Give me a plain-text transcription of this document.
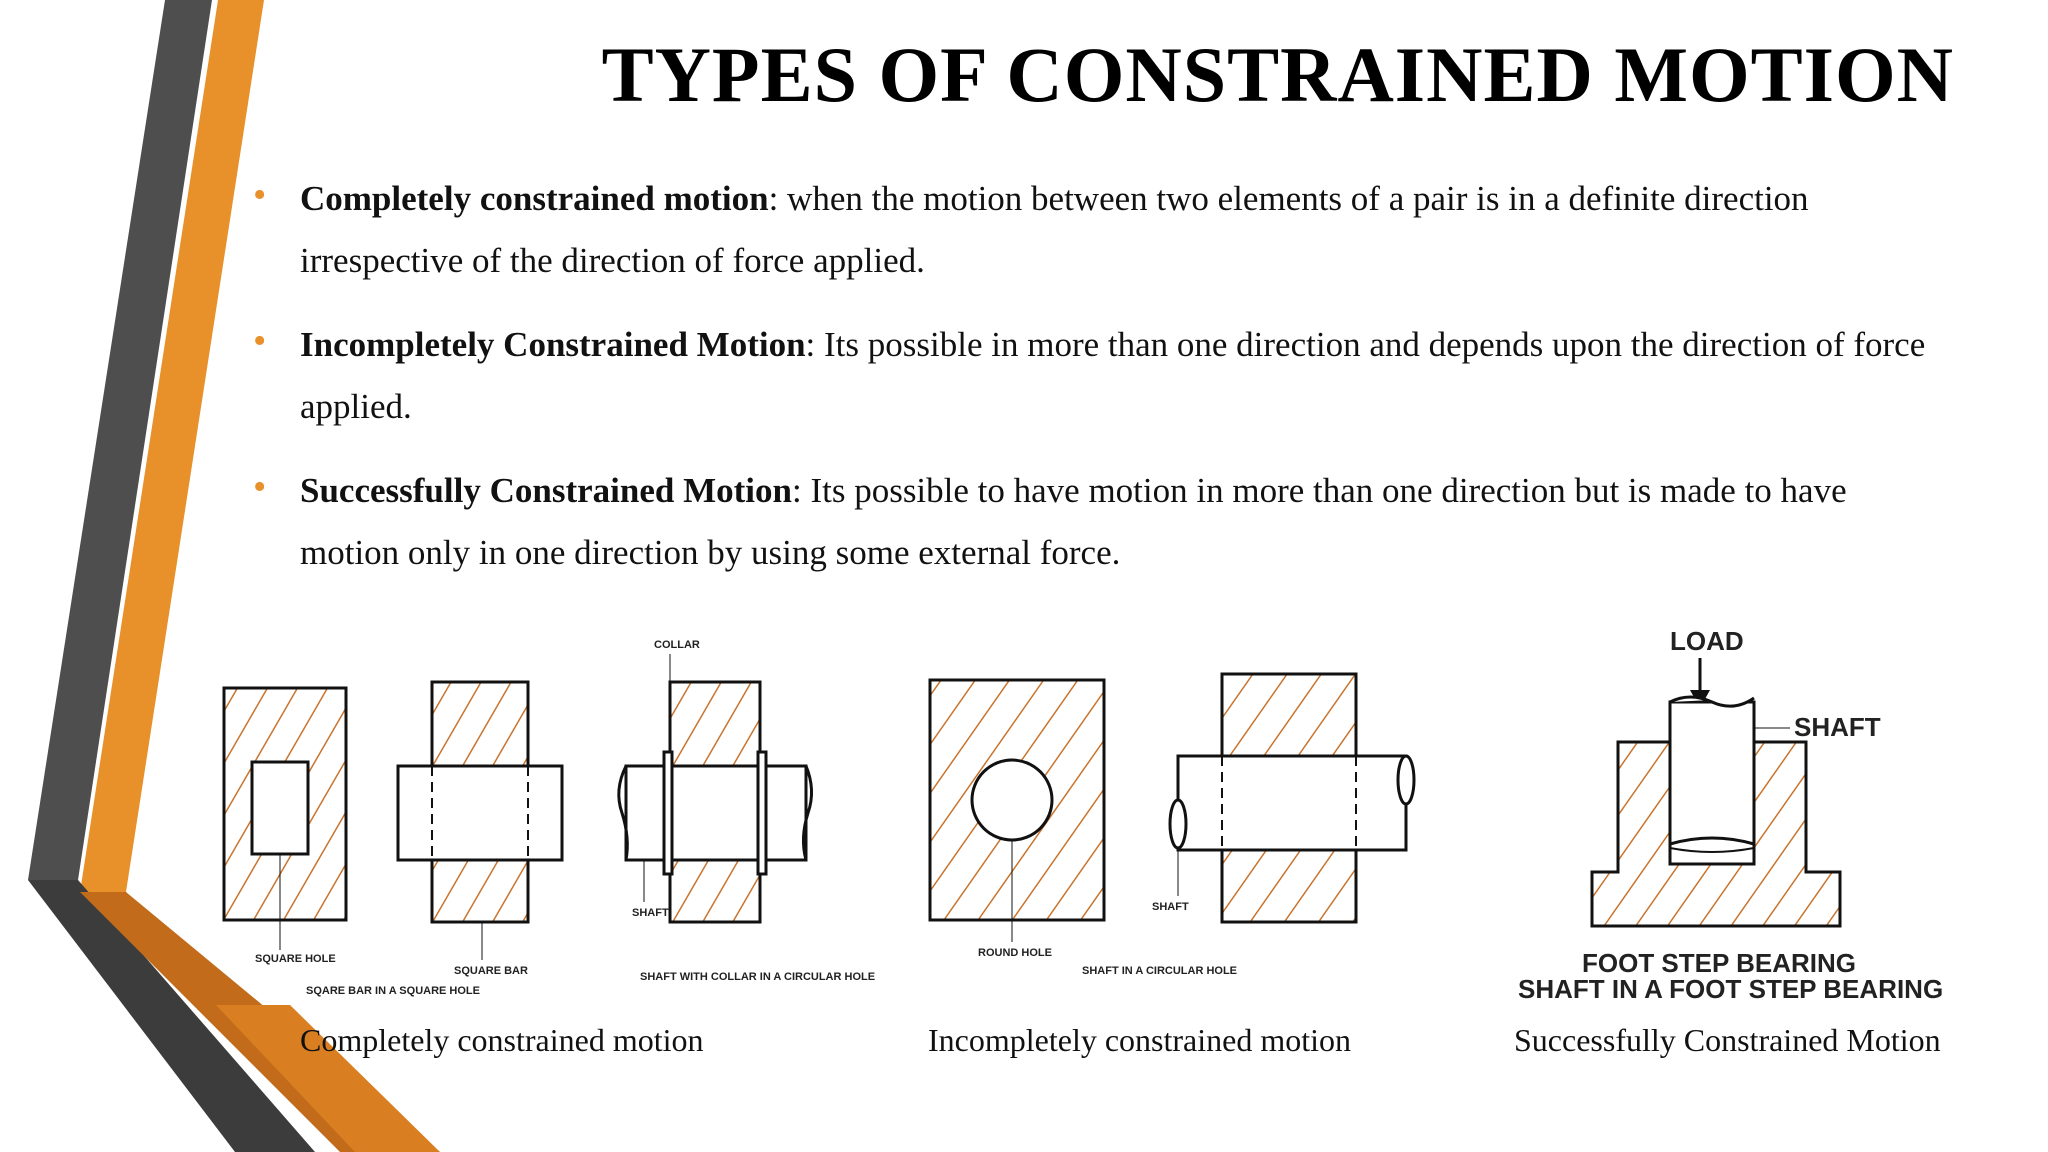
TYPES OF CONSTRAINED MOTION
• Completely constrained motion: when the motion between two elements of a pair is in a definite direction irrespective of the direction of force applied.
• Incompletely Constrained Motion: Its possible in more than one direction and depends upon the direction of force applied.
• Successfully Constrained Motion: Its possible to have motion in more than one direction but is made to have motion only in one direction by using some external force.
SQUARE HOLE
SQUARE BAR
SQARE BAR IN A SQUARE HOLE
COLLAR
SHAFT
SHAFT WITH COLLAR IN A CIRCULAR HOLE
ROUND HOLE
SHAFT
SHAFT IN A CIRCULAR HOLE
LOAD
SHAFT
FOOT STEP BEARING
SHAFT IN A FOOT STEP BEARING
Completely constrained motion	Incompletely constrained motion	Successfully Constrained Motion
